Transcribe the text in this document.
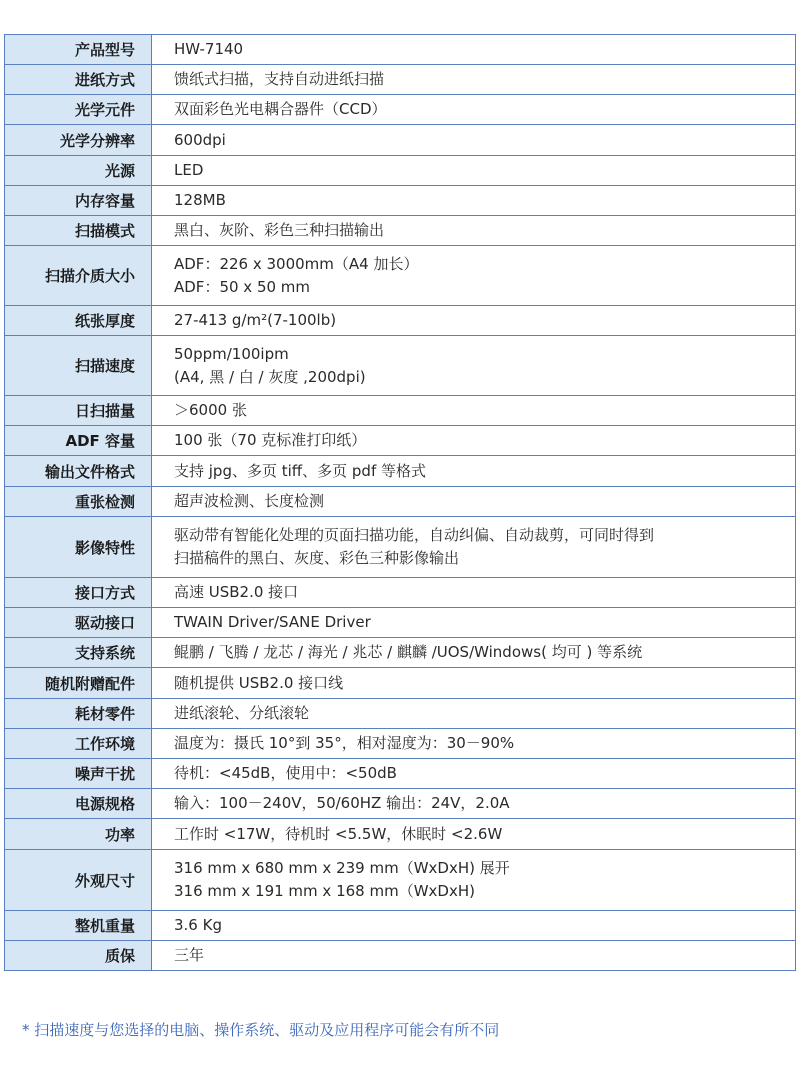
产品型号	HW-7140

进纸方式	馈纸式扫描，支持自动进纸扫描

光学元件	双面彩色光电耦合器件（CCD）

光学分辨率	600dpi

光源	LED

内存容量	128MB

扫描模式	黑白、灰阶、彩色三种扫描输出

扫描介质大小	ADF：226 x 3000mm（A4 加长）
ADF：50 x 50 mm

纸张厚度	27-413 g/m²(7-100lb)

扫描速度	50ppm/100ipm
(A4, 黑 / 白 / 灰度 ,200dpi)

日扫描量	＞6000 张

ADF 容量	100 张（70 克标准打印纸）

输出文件格式	支持 jpg、多页 tiff、多页 pdf 等格式

重张检测	超声波检测、长度检测

影像特性	驱动带有智能化处理的页面扫描功能，自动纠偏、自动裁剪，可同时得到
扫描稿件的黑白、灰度、彩色三种影像输出

接口方式	高速 USB2.0 接口

驱动接口	TWAIN Driver/SANE Driver

支持系统	鲲鹏 / 飞腾 / 龙芯 / 海光 / 兆芯 / 麒麟 /UOS/Windows( 均可 ) 等系统

随机附赠配件	随机提供 USB2.0 接口线

耗材零件	进纸滚轮、分纸滚轮

工作环境	温度为：摄氏 10°到 35°，相对湿度为：30－90%

噪声干扰	待机：<45dB，使用中：<50dB

电源规格	输入：100－240V，50/60HZ 输出：24V，2.0A

功率	工作时 <17W，待机时 <5.5W，休眠时 <2.6W

外观尺寸	316 mm x 680 mm x 239 mm（WxDxH) 展开
316 mm x 191 mm x 168 mm（WxDxH)

整机重量	3.6 Kg

质保	三年
* 扫描速度与您选择的电脑、操作系统、驱动及应用程序可能会有所不同
